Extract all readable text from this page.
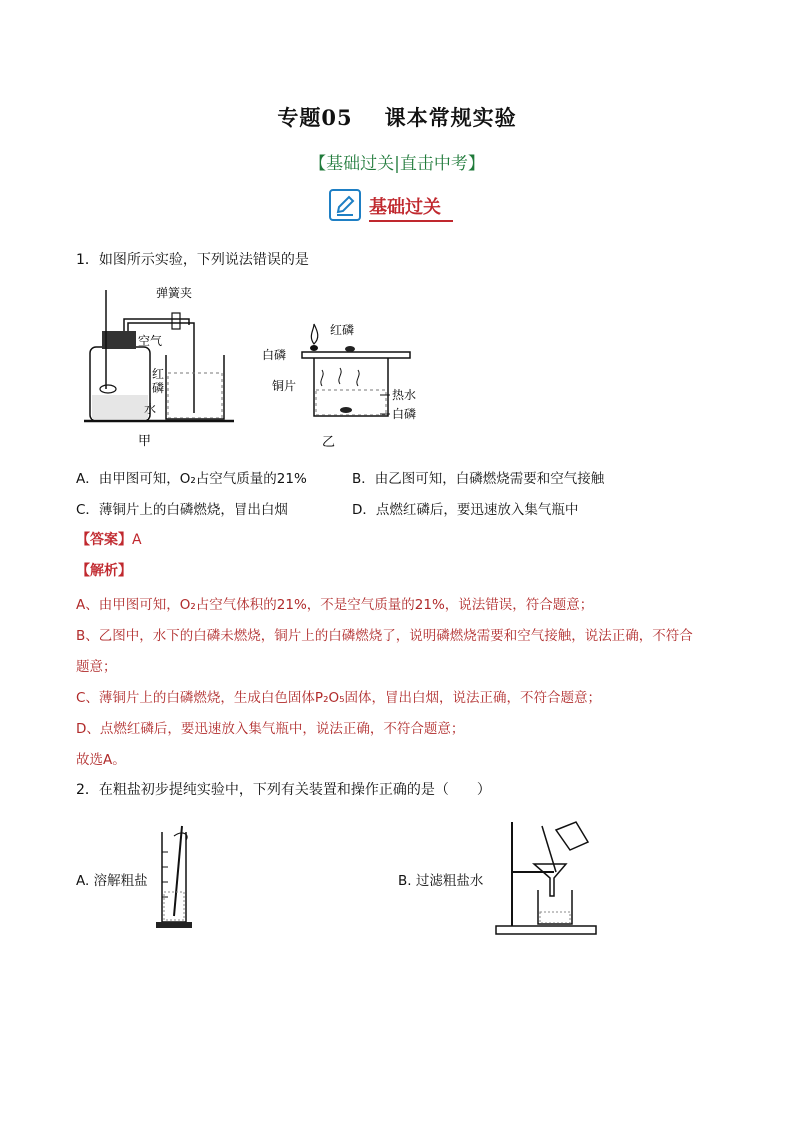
专题05 课本常规实验
【基础过关|直击中考】
基础过关
1．如图所示实验，下列说法错误的是
弹簧夹
空气
红
磷
水
甲
红磷
白磷
铜片
热水
白磷
乙
A．由甲图可知，O₂占空气质量的21%	B．由乙图可知，白磷燃烧需要和空气接触
C．薄铜片上的白磷燃烧，冒出白烟	D．点燃红磷后，要迅速放入集气瓶中
【答案】A
【解析】
A、由甲图可知，O₂占空气体积的21%，不是空气质量的21%，说法错误，符合题意；
B、乙图中，水下的白磷未燃烧，铜片上的白磷燃烧了，说明磷燃烧需要和空气接触，说法正确，不符合
题意；
C、薄铜片上的白磷燃烧，生成白色固体P₂O₅固体，冒出白烟，说法正确，不符合题意；
D、点燃红磷后，要迅速放入集气瓶中，说法正确，不符合题意；
故选A。
2．在粗盐初步提纯实验中，下列有关装置和操作正确的是（　　）
A. 溶解粗盐	B. 过滤粗盐水
